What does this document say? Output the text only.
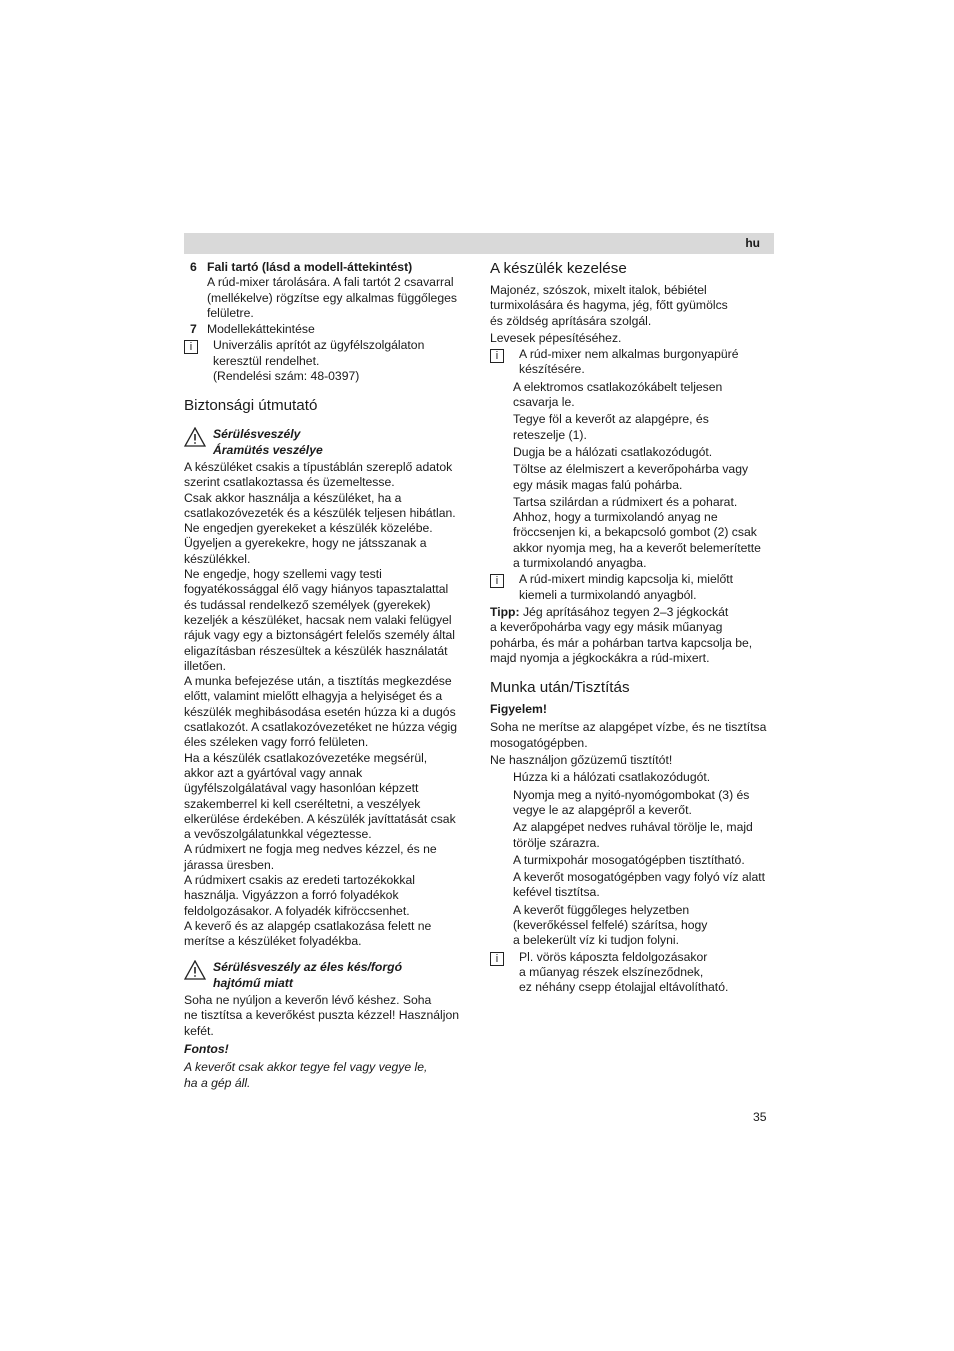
hu
6 Fali tartó (lásd a modell-áttekintést)
A rúd-mixer tárolására. A fali tartót 2 csavarral
(mellékelve) rögzítse egy alkalmas függőleges
felületre.
7 Modellekáttekintése
i	Univerzális aprítót az ügyfélszolgálaton
keresztül rendelhet.
(Rendelési szám: 48-0397)
Biztonsági útmutató
Sérülésveszély
Áramütés veszélye

A készüléket csakis a típustáblán szereplő adatok
szerint csatlakoztassa és üzemeltesse.

Csak akkor használja a készüléket, ha a
csatlakozóvezeték és a készülék teljesen hibátlan.

Ne engedjen gyerekeket a készülék közelébe.
Ügyeljen a gyerekekre, hogy ne játsszanak a
készülékkel.

Ne engedje, hogy szellemi vagy testi
fogyatékossággal élő vagy hiányos tapasztalattal
és tudással rendelkező személyek (gyerekek)
kezeljék a készüléket, hacsak nem valaki felügyel
rájuk vagy egy a biztonságért felelős személy által
eligazításban részesültek a készülék használatát
illetően.

A munka befejezése után, a tisztítás megkezdése
előtt, valamint mielőtt elhagyja a helyiséget és a
készülék meghibásodása esetén húzza ki a dugós
csatlakozót. A csatlakozóvezetéket ne húzza végig
éles széleken vagy forró felületen.

Ha a készülék csatlakozóvezetéke megsérül,
akkor azt a gyártóval vagy annak
ügyfélszolgálatával vagy hasonlóan képzett
szakemberrel ki kell cseréltetni, a veszélyek
elkerülése érdekében. A készülék javíttatását csak
a vevőszolgálatunkkal végeztesse.

A rúdmixert ne fogja meg nedves kézzel, és ne
járassa üresben.

A rúdmixert csakis az eredeti tartozékokkal
használja. Vigyázzon a forró folyadékok
feldolgozásakor. A folyadék kifröccsenhet.

A keverő és az alapgép csatlakozása felett ne
merítse a készüléket folyadékba.

Sérülésveszély az éles kés/forgó
hajtómű miatt

Soha ne nyúljon a keverőn lévő késhez. Soha
ne tisztítsa a keverőkést puszta kézzel! Használjon
kefét.

Fontos!

A keverőt csak akkor tegye fel vagy vegye le,
ha a gép áll.

A készülék kezelése

Majonéz, szószok, mixelt italok, bébiétel
turmixolására és hagyma, jég, főtt gyümölcs
és zöldség aprítására szolgál.

Levesek pépesítéséhez.

i	A rúd-mixer nem alkalmas burgonyapüré
készítésére.

A elektromos csatlakozókábelt teljesen
csavarja le.

Tegye föl a keverőt az alapgépre, és
reteszelje (1).

Dugja be a hálózati csatlakozódugót.

Töltse az élelmiszert a keverőpohárba vagy
egy másik magas falú pohárba.

Tartsa szilárdan a rúdmixert és a poharat.
Ahhoz, hogy a turmixolandó anyag ne
fröccsenjen ki, a bekapcsoló gombot (2) csak
akkor nyomja meg, ha a keverőt belemerítette
a turmixolandó anyagba.

i	A rúd-mixert mindig kapcsolja ki, mielőtt
kiemeli a turmixolandó anyagból.

Tipp: Jég aprításához tegyen 2–3 jégkockát
a keverőpohárba vagy egy másik műanyag
pohárba, és már a pohárban tartva kapcsolja be,
majd nyomja a jégkockákra a rúd-mixert.

Munka után/Tisztítás

Figyelem!

Soha ne merítse az alapgépet vízbe, és ne tisztítsa
mosogatógépben.

Ne használjon gőzüzemű tisztítót!

Húzza ki a hálózati csatlakozódugót.

Nyomja meg a nyitó-nyomógombokat (3) és
vegye le az alapgépről a keverőt.

Az alapgépet nedves ruhával törölje le, majd
törölje szárazra.

A turmixpohár mosogatógépben tisztítható.

A keverőt mosogatógépben vagy folyó víz alatt
kefével tisztítsa.

A keverőt függőleges helyzetben
(keverőkéssel felfelé) szárítsa, hogy
a belekerült víz ki tudjon folyni.

i	Pl. vörös káposzta feldolgozásakor
a műanyag részek elszíneződnek,
ez néhány csepp étolajjal eltávolítható.
35
